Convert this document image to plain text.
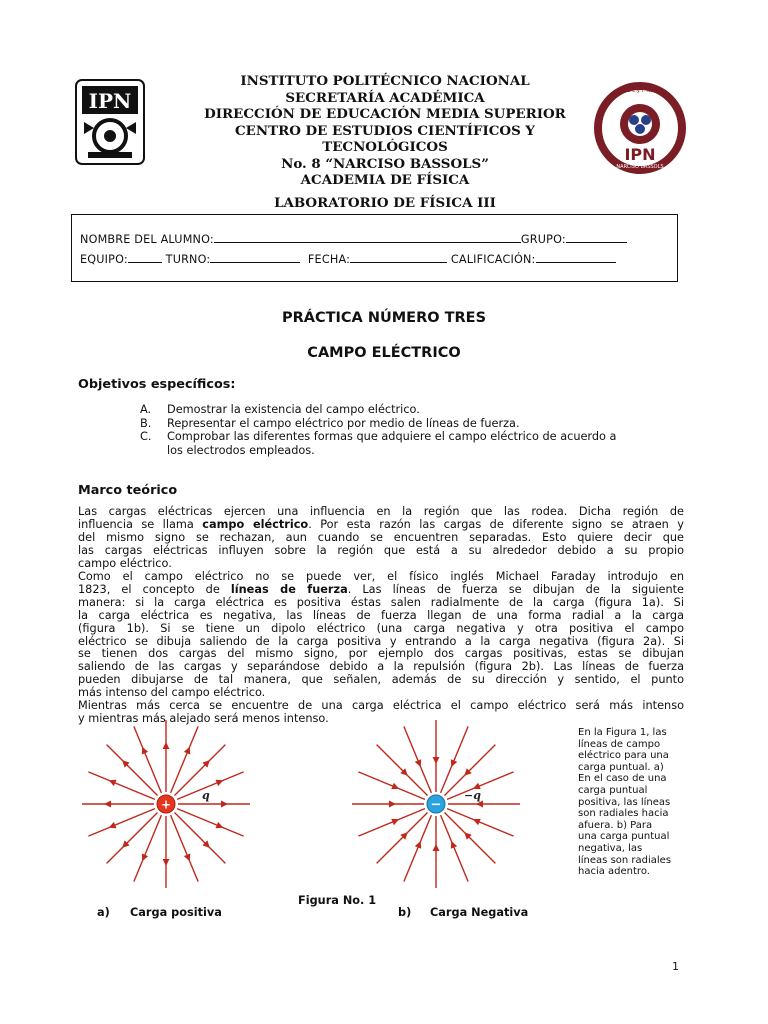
IPN	C.E.C.y.T. No 8
NARCISO BASSOLS
IPN
INSTITUTO POLITÉCNICO NACIONAL
SECRETARÍA ACADÉMICA
DIRECCIÓN DE EDUCACIÓN MEDIA SUPERIOR
CENTRO DE ESTUDIOS CIENTÍFICOS Y
TECNOLÓGICOS
No. 8 “NARCISO BASSOLS”
ACADEMIA DE FÍSICA
LABORATORIO DE FÍSICA III
NOMBRE DEL ALUMNO:	GRUPO:
EQUIPO:	TURNO:	FECHA:	CALIFICACIÓN:
PRÁCTICA NÚMERO TRES
CAMPO ELÉCTRICO
Objetivos específicos:
A.	Demostrar la existencia del campo eléctrico.
B.	Representar el campo eléctrico por medio de líneas de fuerza.
C.	Comprobar las diferentes formas que adquiere el campo eléctrico de acuerdo a
los electrodos empleados.
Marco teórico
Las cargas eléctricas ejercen una influencia en la región que las rodea. Dicha región de
influencia se llama campo eléctrico. Por esta razón las cargas de diferente signo se atraen y
del mismo signo se rechazan, aun cuando se encuentren separadas. Esto quiere decir que
las cargas eléctricas influyen sobre la región que está a su alrededor debido a su propio
campo eléctrico.
Como el campo eléctrico no se puede ver, el físico inglés Michael Faraday introdujo en
1823, el concepto de líneas de fuerza. Las líneas de fuerza se dibujan de la siguiente
manera: si la carga eléctrica es positiva éstas salen radialmente de la carga (figura 1a). Si
la carga eléctrica es negativa, las líneas de fuerza llegan de una forma radial a la carga
(figura 1b). Si se tiene un dipolo eléctrico (una carga negativa y otra positiva el campo
eléctrico se dibuja saliendo de la carga positiva y entrando a la carga negativa (figura 2a). Si
se tienen dos cargas del mismo signo, por ejemplo dos cargas positivas, estas se dibujan
saliendo de las cargas y separándose debido a la repulsión (figura 2b). Las líneas de fuerza
pueden dibujarse de tal manera, que señalen, además de su dirección y sentido, el punto
más intenso del campo eléctrico.
Mientras más cerca se encuentre de una carga eléctrica el campo eléctrico será más intenso
y mientras más alejado será menos intenso.
+
q
−
−q
En la Figura 1, las
líneas de campo
eléctrico para una
carga puntual. a)
En el caso de una
carga puntual
positiva, las líneas
son radiales hacia
afuera. b) Para
una carga puntual
negativa, las
líneas son radiales
hacia adentro.
Figura No. 1
a) Carga positiva	b) Carga Negativa
1
